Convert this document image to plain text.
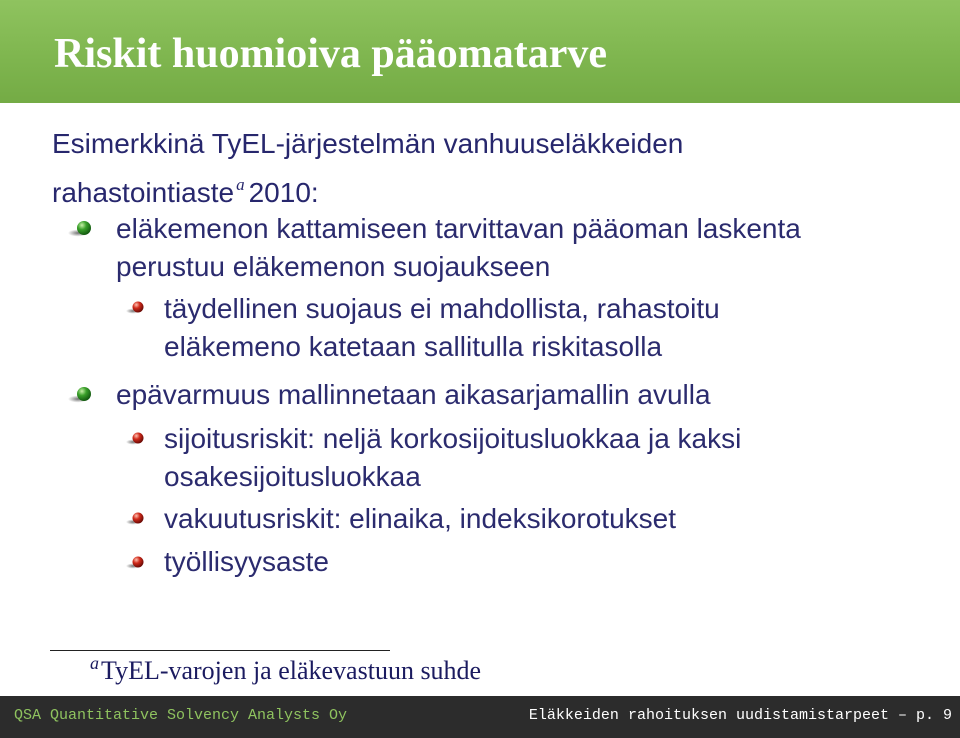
Riskit huomioiva pääomatarve
Esimerkkinä TyEL-järjestelmän vanhuuseläkkeiden
rahastointiaste $^a$ 2010:
eläkemenon kattamiseen tarvittavan pääoman laskenta
perustuu eläkemenon suojaukseen
täydellinen suojaus ei mahdollista, rahastoitu
eläkemeno katetaan sallitulla riskitasolla
epävarmuus mallinnetaan aikasarjamallin avulla
sijoitusriskit: neljä korkosijoitusluokkaa ja kaksi
osakesijoitusluokkaa
vakuutusriskit: elinaika, indeksikorotukset
työllisyysaste
$^a$TyEL-varojen ja eläkevastuun suhde
QSA Quantitative Solvency Analysts Oy	Eläkkeiden rahoituksen uudistamistarpeet – p. 9
